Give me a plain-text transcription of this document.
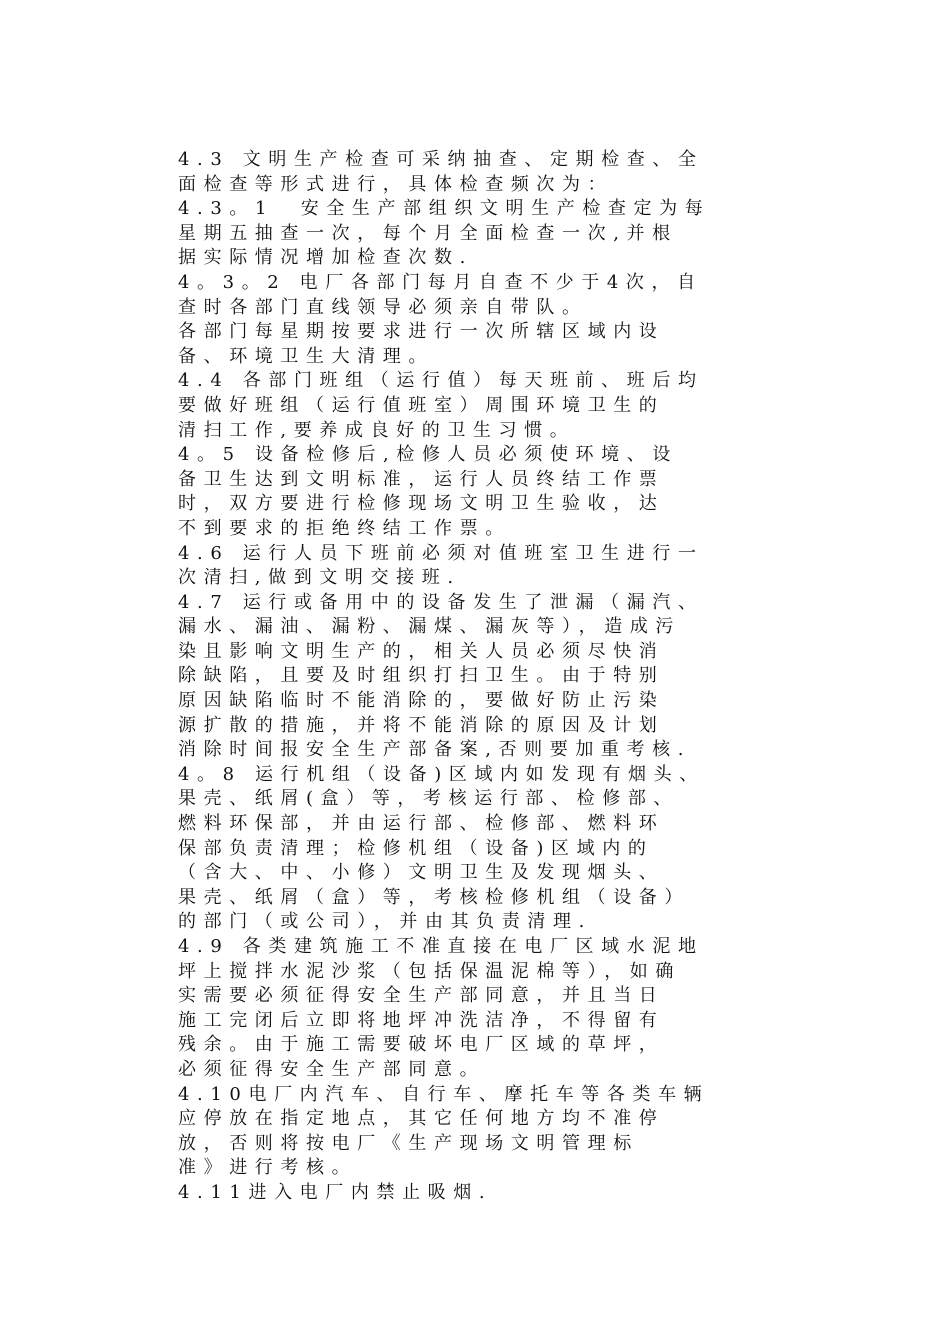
4.3 文明生产检查可采纳抽查、定期检查、全
面检查等形式进行，具体检查频次为：
4.3。1  安全生产部组织文明生产检查定为每
星期五抽查一次，每个月全面检查一次,并根
据实际情况增加检查次数.
4。3。2 电厂各部门每月自查不少于4次，自
查时各部门直线领导必须亲自带队。
各部门每星期按要求进行一次所辖区域内设
备、环境卫生大清理。
4.4 各部门班组（运行值）每天班前、班后均
要做好班组（运行值班室）周围环境卫生的
清扫工作,要养成良好的卫生习惯。
4。5 设备检修后,检修人员必须使环境、设
备卫生达到文明标准，运行人员终结工作票
时，双方要进行检修现场文明卫生验收，达
不到要求的拒绝终结工作票。
4.6 运行人员下班前必须对值班室卫生进行一
次清扫,做到文明交接班.
4.7 运行或备用中的设备发生了泄漏（漏汽、
漏水、漏油、漏粉、漏煤、漏灰等），造成污
染且影响文明生产的，相关人员必须尽快消
除缺陷，且要及时组织打扫卫生。由于特别
原因缺陷临时不能消除的，要做好防止污染
源扩散的措施，并将不能消除的原因及计划
消除时间报安全生产部备案,否则要加重考核.
4。8 运行机组（设备)区域内如发现有烟头、
果壳、纸屑(盒）等，考核运行部、检修部、
燃料环保部，并由运行部、检修部、燃料环
保部负责清理；检修机组（设备)区域内的
（含大、中、小修）文明卫生及发现烟头、
果壳、纸屑（盒）等，考核检修机组（设备）
的部门（或公司），并由其负责清理.
4.9 各类建筑施工不准直接在电厂区域水泥地
坪上搅拌水泥沙浆（包括保温泥棉等），如确
实需要必须征得安全生产部同意，并且当日
施工完闭后立即将地坪冲洗洁净，不得留有
残余。由于施工需要破坏电厂区域的草坪，
必须征得安全生产部同意。
4.10电厂内汽车、自行车、摩托车等各类车辆
应停放在指定地点，其它任何地方均不准停
放，否则将按电厂《生产现场文明管理标
准》进行考核。
4.11进入电厂内禁止吸烟.
